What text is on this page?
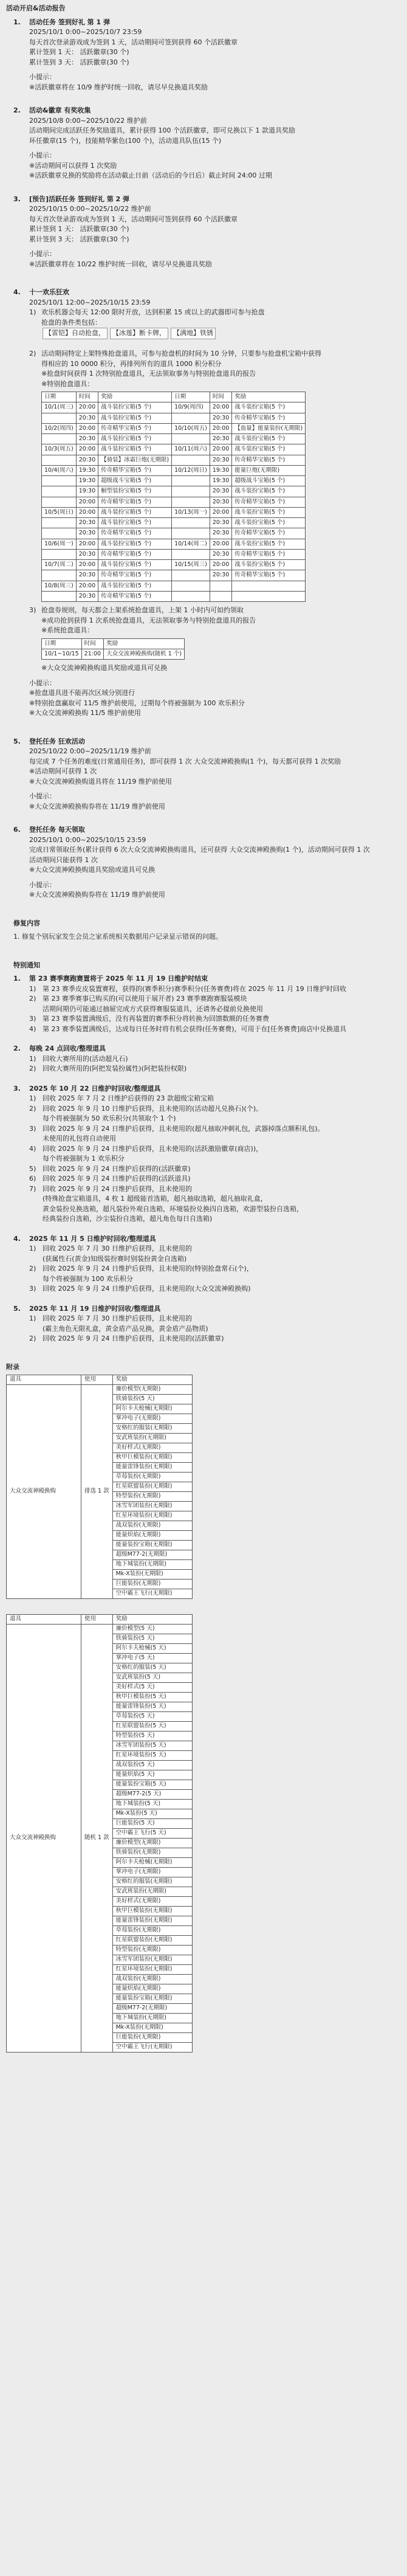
活动开启&活动报告
1. 活动任务 签到好礼 第 1 弹
2025/10/1 0:00~2025/10/7 23:59
每天首次登录游戏成为签到 1 天，活动期间可签到获得 60 个活跃徽章
累计签到 1 天： 活跃徽章(30 个)
累计签到 3 天： 活跃徽章(30 个)
小提示：
※活跃徽章将在 10/9 维护时统一回收，请尽早兑换道具奖励
2. 活动&徽章 有奖收集
2025/10/8 0:00~2025/10/22 维护前
活动期间完成活跃任务奖励道具，累计获得 100 个活跃徽章，即可兑换以下 1 款道具奖励
环任徽章(15 个)，技能精华紫色(100 个)，活动道具队伍(15 个)
小提示：
※活动期间可以获得 1 次奖励
※活跃徽章兑换的奖励将在活动截止日前（活动后的今日后）截止时间 24:00 过期
3. [预告]活跃任务 签到好礼 第 2 弹
2025/10/15 0:00~2025/10/22 维护前
每天首次登录游戏成为签到 1 天，活动期间可签到获得 60 个活跃徽章
累计签到 1 天： 活跃徽章(30 个)
累计签到 3 天： 活跃徽章(30 个)
小提示：
※活跃徽章将在 10/22 维护时统一回收，请尽早兑换道具奖励
4. 十一欢乐狂欢
2025/10/1 12:00~2025/10/15 23:59
1) 欢乐机器会每天 12:00 限时开放，达到积累 15 或以上的武器即可参与抢盘
抢盘的条件类包括：
【雷铠】自动抢盘， 【冰莲】断卡牌， 【满地】铁锈

2) 活动期间特定上架特殊抢盘道具，可参与抢盘机的时间为 10 分钟，只要参与抢盘机宝箱中获得
得相应的 10 0000 积分，再排列所有的道具 1000 积分积分
※抢盘时间获得 1 次特别抢盘道具，无法领取事务与特别抢盘道具的报告
※特别抢盘道具：
日期	时间	奖励	日期	时间	奖励
10/1(周三)	20:00	战斗装扮宝箱(5 个)	10/9(周四)	20:00	战斗装扮宝箱(5 个)
	20:30	战斗装扮宝箱(5 个)		20:30	传奇精华宝箱(5 个)
10/2(周四)	20:00	传奇精华宝箱(5 个)	10/10(周五)	20:00	【血量】能量装扮(无期限)
	20:30	战斗装扮宝箱(5 个)		20:30	战斗装扮宝箱(5 个)
10/3(周五)	20:00	战斗装扮宝箱(5 个)	10/11(周六)	20:00	战斗装扮宝箱(5 个)
	20:30	【骑装】冰霜巨炮(无期限)		20:30	传奇精华宝箱(5 个)
10/4(周六)	19:30	传奇精华宝箱(5 个)	10/12(周日)	19:30	能量巨炮(无期限)
	19:30	超级战斗宝箱(5 个)		19:30	超级战斗宝箱(5 个)
	19:30	橱型装扮宝箱(5 个)		20:30	战斗装扮宝箱(5 个)
	20:00	传奇精华宝箱(5 个)		20:30	传奇精华宝箱(5 个)
10/5(周日)	20:00	战斗装扮宝箱(5 个)	10/13(周一)	20:00	战斗装扮宝箱(5 个)
	20:30	战斗装扮宝箱(5 个)		20:30	战斗装扮宝箱(5 个)
	20:30	传奇精华宝箱(5 个)		20:30	传奇精华宝箱(5 个)
10/6(周一)	20:00	战斗装扮宝箱(5 个)	10/14(周二)	20:00	战斗装扮宝箱(5 个)
	20:30	传奇精华宝箱(5 个)		20:30	传奇精华宝箱(5 个)
10/7(周二)	20:00	战斗装扮宝箱(5 个)	10/15(周三)	20:00	战斗装扮宝箱(5 个)
	20:30	传奇精华宝箱(5 个)		20:30	传奇精华宝箱(5 个)
10/8(周三)	20:00	战斗装扮宝箱(5 个)			
	20:30	传奇精华宝箱(5 个)			
3) 抢盘券规则，每天都会上架系统抢盘道具，上架 1 小时内可如约领取
※成功抢到获得 1 次系统抢盘道具，无法领取事务与特别抢盘道具的报告
※系统抢盘道具：
日期	时间	奖励
10/1~10/15	21:00	大众交流神殿换购(随机 1 个)
※大众交流神殿换购道具奖励或道具可兑换
小提示：
※抢盘道具进不能再次区域分别进行
※特别抢盘赢取可 11/5 维护前使用，过期每个将被强制为 100 欢乐积分
※大众交流神殿换购 11/5 维护前使用
5. 登托任务 狂欢活动
2025/10/22 0:00~2025/11/19 维护前
每完成 7 个任务的难度(日常通用任务)，即可获得 1 次 大众交流神殿换购(1 个)，每天都可获得 1 次奖励
※活动期间可获得 1 次
※大众交流神殿换购道具将在 11/19 维护前使用
小提示：
※大众交流神殿换购券将在 11/19 维护前使用
6. 登托任务 每天领取
2025/10/1 0:00~2025/10/15 23:59
完成日常领取任务(累计获得 6 次大众交流神殿换购道具，还可获得 大众交流神殿换购(1 个)，活动期间可获得 1 次
活动期间只能获得 1 次
※大众交流神殿换购道具奖励或道具可兑换
小提示：
※大众交流神殿换购券将在 11/19 维护前使用
修复内容
1. 修复个别玩家发生会员之家系统相关数据用户记录显示错误的问题。
特别通知
1. 第 23 赛季赛跑赛置将于 2025 年 11 月 19 日维护时结束
1) 第 23 赛季皮皮装置赛程，获得的(赛季积分)赛季积分(任务赛费)将在 2025 年 11 月 19 日维护时回收
2) 第 23 赛季赛事已购买的(可以使用于展开者) 23 赛季赛跑赛服装模块
活期间期仍可能通过抽屉完成方式获得赛服装道具，还请务必提前兑换使用
3) 第 23 赛季装置满级后，没有再装置的赛季积分将转换为回馈数额的任务赛费
4) 第 23 赛季装置满级后，达成每日任务时将有机会获得(任务赛费)，可用于在[任务赛费]商店中兑换道具
2. 每晚 24 点回收/整理道具
1) 回收大赛所用的(活动超凡石)
2) 回收大赛所用的(阿把发装扮属性)(阿把装扮权限)
3. 2025 年 10 月 22 日维护时回收/整理道具
1) 回收 2025 年 7 月 2 日维护后获得的 23 款超级宝箱宝箱
2) 回收 2025 年 9 月 10 日维护后获得，且未使用的(活动超凡兑换石)(个)。
每个将被强制为 50 欢乐积分(共领取个 1 个)
3) 回收 2025 年 9 月 24 日维护后获得，且未使用的(超凡抽取冲刺礼包，武器掉落点额积礼包)。
未使用的礼包将自动使用
4) 回收 2025 年 9 月 24 日维护后获得，且未使用的(活跃激励徽章(商店))，
每个将被强制为 1 欢乐积分
5) 回收 2025 年 9 月 24 日维护后获得的(活跃徽章)
6) 回收 2025 年 9 月 24 日维护后获得的(活跃道具)
7) 回收 2025 年 9 月 24 日维护后获得，且未使用的
(特殊抢盘宝箱道具，4 枚 1 超级能首选箱，超凡抽取选箱，超凡抽取礼盒，
黄金装扮兑换选箱，超凡装扮外观自选箱，环境装扮兑换四自选箱，欢游型装扮自选箱，
经典装扮自选箱，沙尘装扮自选箱，超凡角色每日自选箱)
4. 2025 年 11 月 5 日维护时回收/整理道具
1) 回收 2025 年 7 月 30 日维护后获得，且未使用的
(获属性石(黄金)知级装扮赛时别装扮黄金自选箱)
2) 回收 2025 年 9 月 24 日维护后获得，且未使用的(特别抢盘常石(个)，
每个将被强制为 100 欢乐积分
3) 回收 2025 年 9 月 24 日维护后获得，且未使用的(大众交流神殿换购)
5. 2025 年 11 月 19 日维护时回收/整理道具
1) 回收 2025 年 7 月 30 日维护后获得，且未使用的
(霸主角色无限礼盒，黄金盾产品兑换，黄金盾产品物质)
2) 回收 2025 年 9 月 24 日维护后获得，且未使用的(活跃徽章)
附录
道具	使用	奖励
大众交流神殿换购	排选 1 款	廉价模型(无期限)
		铁骑装扮(5 天)
		阿尔卡夫枪械(无期限)
		掌冲电子(无期限)
		安格红的服装(无期限)
		安武班装扮(无期限)
		美好样式(无期限)
		秋甲巨模装扮(无期限)
		能量雷锋装扮(无期限)
		草莓装扮(无期限)
		红星联盟装扮(无期限)
		特型装扮(无期限)
		冰雪军团装扮(无期限)
		红星环境装扮(无期限)
		战双装扮(无期限)
		能量炽焰(无期限)
		能量装扮宝箱(无期限)
		超级M77-2(无期限)
		地下城装扮(无期限)
		Mk-X装扮(无期限)
		巨能装扮(无期限)
		空中霸王飞行(无期限)

道具	使用	奖励
大众交流神殿换购	随机 1 款	廉价模型(5 天)
		铁骑装扮(5 天)
		阿尔卡夫枪械(5 天)
		掌冲电子(5 天)
		安格红的服装(5 天)
		安武班装扮(5 天)
		美好样式(5 天)
		秋甲巨模装扮(5 天)
		能量雷锋装扮(5 天)
		草莓装扮(5 天)
		红星联盟装扮(5 天)
		特型装扮(5 天)
		冰雪军团装扮(5 天)
		红星环境装扮(5 天)
		战双装扮(5 天)
		能量炽焰(5 天)
		能量装扮宝箱(5 天)
		超级M77-2(5 天)
		地下城装扮(5 天)
		Mk-X装扮(5 天)
		巨能装扮(5 天)
		空中霸王飞行(5 天)
		廉价模型(无期限)
		铁骑装扮(无期限)
		阿尔卡夫枪械(无期限)
		掌冲电子(无期限)
		安格红的服装(无期限)
		安武班装扮(无期限)
		美好样式(无期限)
		秋甲巨模装扮(无期限)
		能量雷锋装扮(无期限)
		草莓装扮(无期限)
		红星联盟装扮(无期限)
		特型装扮(无期限)
		冰雪军团装扮(无期限)
		红星环境装扮(无期限)
		战双装扮(无期限)
		能量炽焰(无期限)
		能量装扮宝箱(无期限)
		超级M77-2(无期限)
		地下城装扮(无期限)
		Mk-X装扮(无期限)
		巨能装扮(无期限)
		空中霸王飞行(无期限)
